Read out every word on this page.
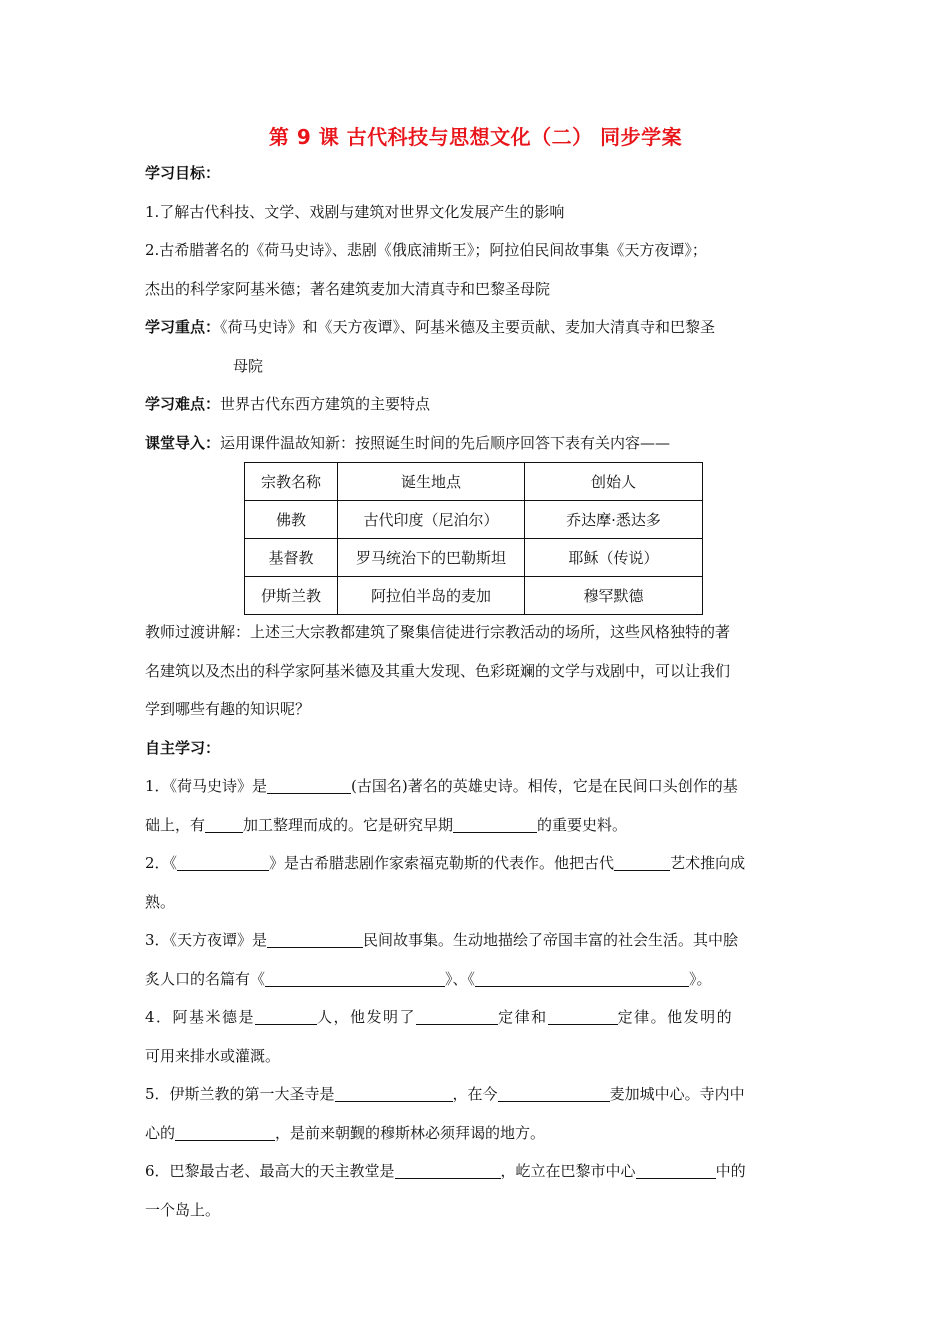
第 9 课 古代科技与思想文化（二） 同步学案
学习目标：
1.了解古代科技、文学、戏剧与建筑对世界文化发展产生的影响
2.古希腊著名的《荷马史诗》、悲剧《俄底浦斯王》；阿拉伯民间故事集《天方夜谭》；
杰出的科学家阿基米德；著名建筑麦加大清真寺和巴黎圣母院
学习重点：《荷马史诗》和《天方夜谭》、阿基米德及主要贡献、麦加大清真寺和巴黎圣
母院
学习难点：世界古代东西方建筑的主要特点
课堂导入：运用课件温故知新：按照诞生时间的先后顺序回答下表有关内容——
宗教名称	诞生地点	创始人
佛教	古代印度（尼泊尔）	乔达摩·悉达多
基督教	罗马统治下的巴勒斯坦	耶稣（传说）
伊斯兰教	阿拉伯半岛的麦加	穆罕默德
教师过渡讲解：上述三大宗教都建筑了聚集信徒进行宗教活动的场所，这些风格独特的著
名建筑以及杰出的科学家阿基米德及其重大发现、色彩斑斓的文学与戏剧中，可以让我们
学到哪些有趣的知识呢？
自主学习：
1．《荷马史诗》是	(古国名)著名的英雄史诗。相传，它是在民间口头创作的基
础上，有	加工整理而成的。它是研究早期	的重要史料。
2．《	》是古希腊悲剧作家索福克勒斯的代表作。他把古代	艺术推向成
熟。
3．《天方夜谭》是	民间故事集。生动地描绘了帝国丰富的社会生活。其中脍
炙人口的名篇有《	》、《	》。
4．阿基米德是	人，他发明了	定律和	定律。他发明的
可用来排水或灌溉。
5．伊斯兰教的第一大圣寺是	，在今	麦加城中心。寺内中
心的	，是前来朝觐的穆斯林必须拜谒的地方。
6．巴黎最古老、最高大的天主教堂是	，屹立在巴黎市中心	中的
一个岛上。
